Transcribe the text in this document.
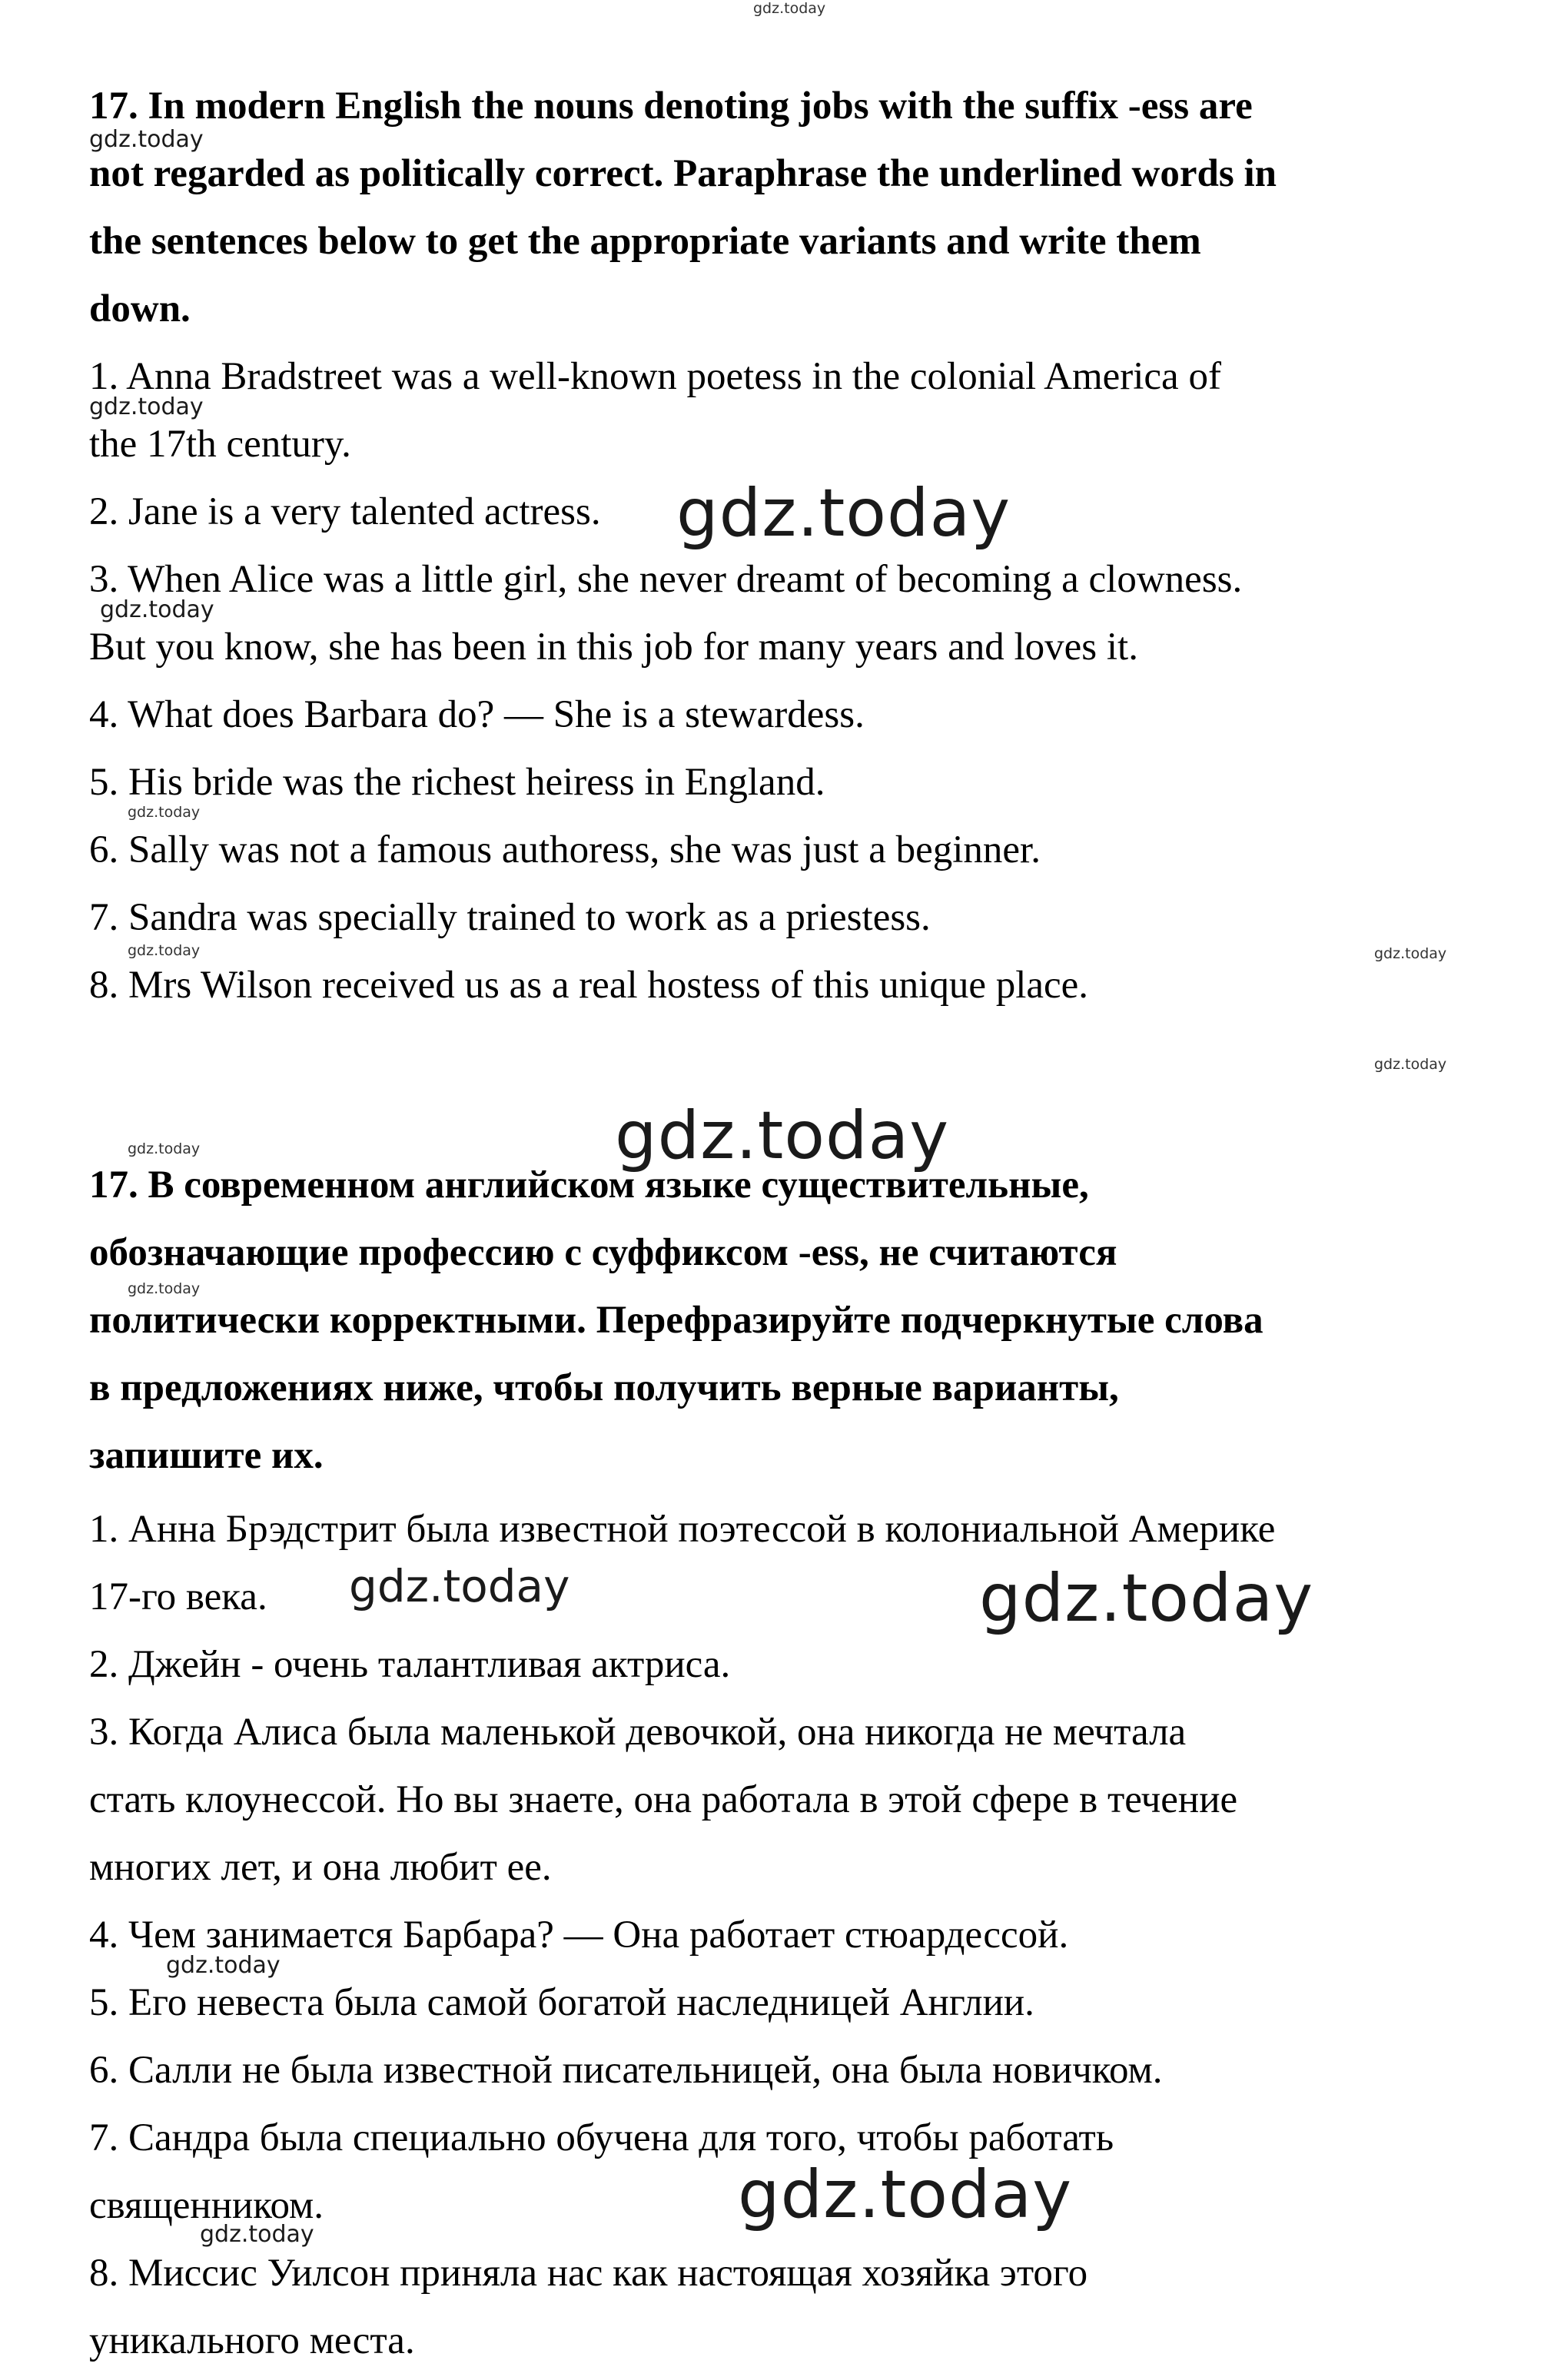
17. In modern English the nouns denoting jobs with the suffix -ess are

not regarded as politically correct. Paraphrase the underlined words in

the sentences below to get the appropriate variants and write them

down.

1. Anna Bradstreet was a well-known poetess in the colonial America of

the 17th century.

2. Jane is a very talented actress.

3. When Alice was a little girl, she never dreamt of becoming a clowness.

But you know, she has been in this job for many years and loves it.

4. What does Barbara do? — She is a stewardess.

5. His bride was the richest heiress in England.

6. Sally was not a famous authoress, she was just a beginner.

7. Sandra was specially trained to work as a priestess.

8. Mrs Wilson received us as a real hostess of this unique place.

17. В современном английском языке существительные,

обозначающие профессию с суффиксом -ess, не считаются

политически корректными. Перефразируйте подчеркнутые слова

в предложениях ниже, чтобы получить верные варианты,

запишите их.

1. Анна Брэдстрит была известной поэтессой в колониальной Америке

17-го века.

2. Джейн - очень талантливая актриса.

3. Когда Алиса была маленькой девочкой, она никогда не мечтала

стать клоунессой. Но вы знаете, она работала в этой сфере в течение

многих лет, и она любит ее.

4. Чем занимается Барбара? — Она работает стюардессой.

5. Его невеста была самой богатой наследницей Англии.

6. Салли не была известной писательницей, она была новичком.

7. Сандра была специально обучена для того, чтобы работать

священником.

8. Миссис Уилсон приняла нас как настоящая хозяйка этого

уникального места.

gdz.today
gdz.today
gdz.today
gdz.today
gdz.today
gdz.today
gdz.today	gdz.today
gdz.today
gdz.today
gdz.today
gdz.today
gdz.today	gdz.today
gdz.today
gdz.today
gdz.today
